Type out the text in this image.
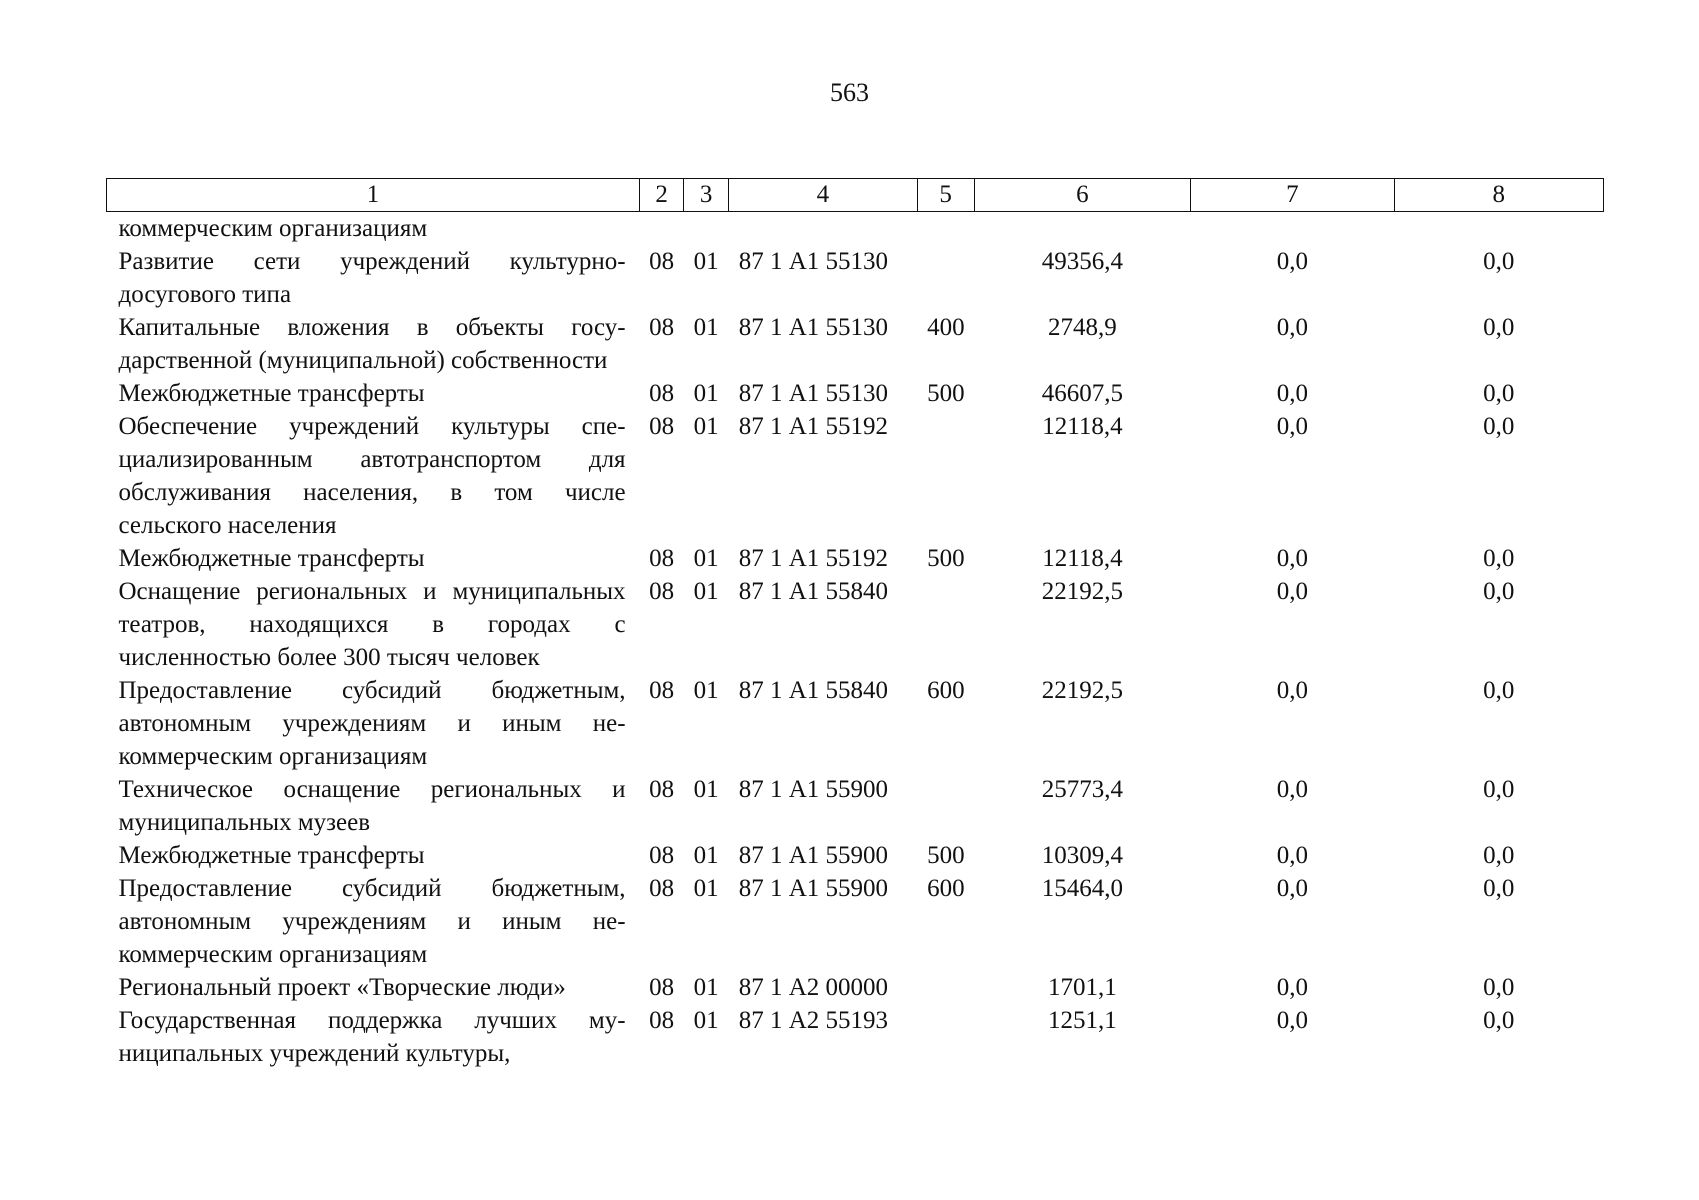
563
1	2	3	4	5	6	7	8
коммерческим организациям							
Развитие сети учреждений культурно-досугового типа	08	01	87 1 А1 55130		49356,4	0,0	0,0
Капитальные вложения в объекты государственной (муниципальной) собственности	08	01	87 1 А1 55130	400	2748,9	0,0	0,0
Межбюджетные трансферты	08	01	87 1 А1 55130	500	46607,5	0,0	0,0
Обеспечение учреждений культуры специализированным автотранспортом для обслуживания населения, в том числе сельского населения	08	01	87 1 А1 55192		12118,4	0,0	0,0
Межбюджетные трансферты	08	01	87 1 А1 55192	500	12118,4	0,0	0,0
Оснащение региональных и муниципальных театров, находящихся в городах с численностью более 300 тысяч человек	08	01	87 1 А1 55840		22192,5	0,0	0,0
Предоставление субсидий бюджетным, автономным учреждениям и иным некоммерческим организациям	08	01	87 1 А1 55840	600	22192,5	0,0	0,0
Техническое оснащение региональных и муниципальных музеев	08	01	87 1 А1 55900		25773,4	0,0	0,0
Межбюджетные трансферты	08	01	87 1 А1 55900	500	10309,4	0,0	0,0
Предоставление субсидий бюджетным, автономным учреждениям и иным некоммерческим организациям	08	01	87 1 А1 55900	600	15464,0	0,0	0,0
Региональный проект «Творческие люди»	08	01	87 1 А2 00000		1701,1	0,0	0,0
Государственная поддержка лучших муниципальных учреждений культуры,	08	01	87 1 А2 55193		1251,1	0,0	0,0
